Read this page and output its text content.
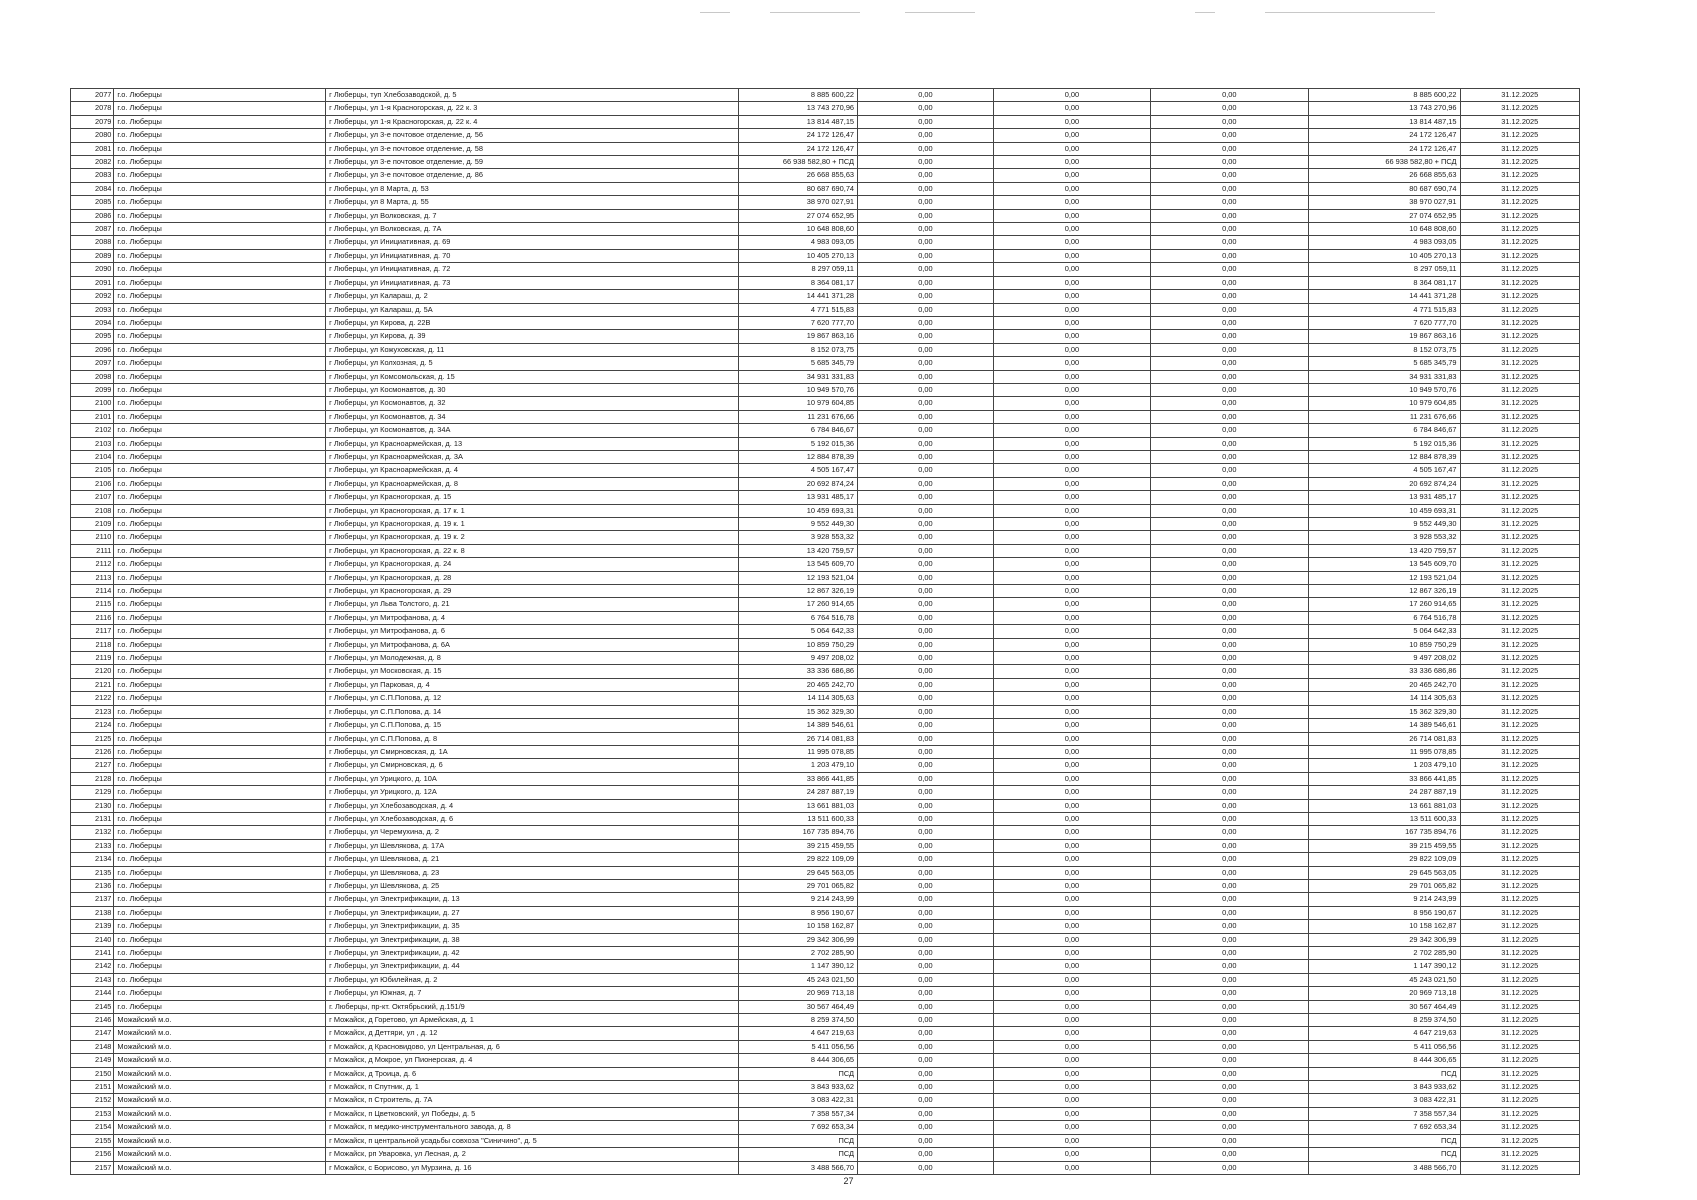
2077	г.о. Люберцы	г Люберцы, туп Хлебозаводской, д. 5	8 885 600,22	0,00	0,00	0,00	8 885 600,22	31.12.2025
2078	г.о. Люберцы	г Люберцы, ул 1-я Красногорская, д. 22 к. 3	13 743 270,96	0,00	0,00	0,00	13 743 270,96	31.12.2025
2079	г.о. Люберцы	г Люберцы, ул 1-я Красногорская, д. 22 к. 4	13 814 487,15	0,00	0,00	0,00	13 814 487,15	31.12.2025
2080	г.о. Люберцы	г Люберцы, ул 3-е почтовое отделение, д. 56	24 172 126,47	0,00	0,00	0,00	24 172 126,47	31.12.2025
2081	г.о. Люберцы	г Люберцы, ул 3-е почтовое отделение, д. 58	24 172 126,47	0,00	0,00	0,00	24 172 126,47	31.12.2025
2082	г.о. Люберцы	г Люберцы, ул 3-е почтовое отделение, д. 59	66 938 582,80 + ПСД	0,00	0,00	0,00	66 938 582,80 + ПСД	31.12.2025
2083	г.о. Люберцы	г Люберцы, ул 3-е почтовое отделение, д. 86	26 668 855,63	0,00	0,00	0,00	26 668 855,63	31.12.2025
2084	г.о. Люберцы	г Люберцы, ул 8 Марта, д. 53	80 687 690,74	0,00	0,00	0,00	80 687 690,74	31.12.2025
2085	г.о. Люберцы	г Люберцы, ул 8 Марта, д. 55	38 970 027,91	0,00	0,00	0,00	38 970 027,91	31.12.2025
2086	г.о. Люберцы	г Люберцы, ул Волковская, д. 7	27 074 652,95	0,00	0,00	0,00	27 074 652,95	31.12.2025
2087	г.о. Люберцы	г Люберцы, ул Волковская, д. 7А	10 648 808,60	0,00	0,00	0,00	10 648 808,60	31.12.2025
2088	г.о. Люберцы	г Люберцы, ул Инициативная, д. 69	4 983 093,05	0,00	0,00	0,00	4 983 093,05	31.12.2025
2089	г.о. Люберцы	г Люберцы, ул Инициативная, д. 70	10 405 270,13	0,00	0,00	0,00	10 405 270,13	31.12.2025
2090	г.о. Люберцы	г Люберцы, ул Инициативная, д. 72	8 297 059,11	0,00	0,00	0,00	8 297 059,11	31.12.2025
2091	г.о. Люберцы	г Люберцы, ул Инициативная, д. 73	8 364 081,17	0,00	0,00	0,00	8 364 081,17	31.12.2025
2092	г.о. Люберцы	г Люберцы, ул Калараш, д. 2	14 441 371,28	0,00	0,00	0,00	14 441 371,28	31.12.2025
2093	г.о. Люберцы	г Люберцы, ул Калараш, д. 5А	4 771 515,83	0,00	0,00	0,00	4 771 515,83	31.12.2025
2094	г.о. Люберцы	г Люберцы, ул Кирова, д. 22В	7 620 777,70	0,00	0,00	0,00	7 620 777,70	31.12.2025
2095	г.о. Люберцы	г Люберцы, ул Кирова, д. 39	19 867 863,16	0,00	0,00	0,00	19 867 863,16	31.12.2025
2096	г.о. Люберцы	г Люберцы, ул Кожуховская, д. 11	8 152 073,75	0,00	0,00	0,00	8 152 073,75	31.12.2025
2097	г.о. Люберцы	г Люберцы, ул Колхозная, д. 5	5 685 345,79	0,00	0,00	0,00	5 685 345,79	31.12.2025
2098	г.о. Люберцы	г Люберцы, ул Комсомольская, д. 15	34 931 331,83	0,00	0,00	0,00	34 931 331,83	31.12.2025
2099	г.о. Люберцы	г Люберцы, ул Космонавтов, д. 30	10 949 570,76	0,00	0,00	0,00	10 949 570,76	31.12.2025
2100	г.о. Люберцы	г Люберцы, ул Космонавтов, д. 32	10 979 604,85	0,00	0,00	0,00	10 979 604,85	31.12.2025
2101	г.о. Люберцы	г Люберцы, ул Космонавтов, д. 34	11 231 676,66	0,00	0,00	0,00	11 231 676,66	31.12.2025
2102	г.о. Люберцы	г Люберцы, ул Космонавтов, д. 34А	6 784 846,67	0,00	0,00	0,00	6 784 846,67	31.12.2025
2103	г.о. Люберцы	г Люберцы, ул Красноармейская, д. 13	5 192 015,36	0,00	0,00	0,00	5 192 015,36	31.12.2025
2104	г.о. Люберцы	г Люберцы, ул Красноармейская, д. 3А	12 884 878,39	0,00	0,00	0,00	12 884 878,39	31.12.2025
2105	г.о. Люберцы	г Люберцы, ул Красноармейская, д. 4	4 505 167,47	0,00	0,00	0,00	4 505 167,47	31.12.2025
2106	г.о. Люберцы	г Люберцы, ул Красноармейская, д. 8	20 692 874,24	0,00	0,00	0,00	20 692 874,24	31.12.2025
2107	г.о. Люберцы	г Люберцы, ул Красногорская, д. 15	13 931 485,17	0,00	0,00	0,00	13 931 485,17	31.12.2025
2108	г.о. Люберцы	г Люберцы, ул Красногорская, д. 17 к. 1	10 459 693,31	0,00	0,00	0,00	10 459 693,31	31.12.2025
2109	г.о. Люберцы	г Люберцы, ул Красногорская, д. 19 к. 1	9 552 449,30	0,00	0,00	0,00	9 552 449,30	31.12.2025
2110	г.о. Люберцы	г Люберцы, ул Красногорская, д. 19 к. 2	3 928 553,32	0,00	0,00	0,00	3 928 553,32	31.12.2025
2111	г.о. Люберцы	г Люберцы, ул Красногорская, д. 22 к. 8	13 420 759,57	0,00	0,00	0,00	13 420 759,57	31.12.2025
2112	г.о. Люберцы	г Люберцы, ул Красногорская, д. 24	13 545 609,70	0,00	0,00	0,00	13 545 609,70	31.12.2025
2113	г.о. Люберцы	г Люберцы, ул Красногорская, д. 28	12 193 521,04	0,00	0,00	0,00	12 193 521,04	31.12.2025
2114	г.о. Люберцы	г Люберцы, ул Красногорская, д. 29	12 867 326,19	0,00	0,00	0,00	12 867 326,19	31.12.2025
2115	г.о. Люберцы	г Люберцы, ул Льва Толстого, д. 21	17 260 914,65	0,00	0,00	0,00	17 260 914,65	31.12.2025
2116	г.о. Люберцы	г Люберцы, ул Митрофанова, д. 4	6 764 516,78	0,00	0,00	0,00	6 764 516,78	31.12.2025
2117	г.о. Люберцы	г Люберцы, ул Митрофанова, д. 6	5 064 642,33	0,00	0,00	0,00	5 064 642,33	31.12.2025
2118	г.о. Люберцы	г Люберцы, ул Митрофанова, д. 6А	10 859 750,29	0,00	0,00	0,00	10 859 750,29	31.12.2025
2119	г.о. Люберцы	г Люберцы, ул Молодежная, д. 8	9 497 208,02	0,00	0,00	0,00	9 497 208,02	31.12.2025
2120	г.о. Люберцы	г Люберцы, ул Московская, д. 15	33 336 686,86	0,00	0,00	0,00	33 336 686,86	31.12.2025
2121	г.о. Люберцы	г Люберцы, ул Парковая, д. 4	20 465 242,70	0,00	0,00	0,00	20 465 242,70	31.12.2025
2122	г.о. Люберцы	г Люберцы, ул С.П.Попова, д. 12	14 114 305,63	0,00	0,00	0,00	14 114 305,63	31.12.2025
2123	г.о. Люберцы	г Люберцы, ул С.П.Попова, д. 14	15 362 329,30	0,00	0,00	0,00	15 362 329,30	31.12.2025
2124	г.о. Люберцы	г Люберцы, ул С.П.Попова, д. 15	14 389 546,61	0,00	0,00	0,00	14 389 546,61	31.12.2025
2125	г.о. Люберцы	г Люберцы, ул С.П.Попова, д. 8	26 714 081,83	0,00	0,00	0,00	26 714 081,83	31.12.2025
2126	г.о. Люберцы	г Люберцы, ул Смирновская, д. 1А	11 995 078,85	0,00	0,00	0,00	11 995 078,85	31.12.2025
2127	г.о. Люберцы	г Люберцы, ул Смирновская, д. 6	1 203 479,10	0,00	0,00	0,00	1 203 479,10	31.12.2025
2128	г.о. Люберцы	г Люберцы, ул Урицкого, д. 10А	33 866 441,85	0,00	0,00	0,00	33 866 441,85	31.12.2025
2129	г.о. Люберцы	г Люберцы, ул Урицкого, д. 12А	24 287 887,19	0,00	0,00	0,00	24 287 887,19	31.12.2025
2130	г.о. Люберцы	г Люберцы, ул Хлебозаводская, д. 4	13 661 881,03	0,00	0,00	0,00	13 661 881,03	31.12.2025
2131	г.о. Люберцы	г Люберцы, ул Хлебозаводская, д. 6	13 511 600,33	0,00	0,00	0,00	13 511 600,33	31.12.2025
2132	г.о. Люберцы	г Люберцы, ул Черемухина, д. 2	167 735 894,76	0,00	0,00	0,00	167 735 894,76	31.12.2025
2133	г.о. Люберцы	г Люберцы, ул Шевлякова, д. 17А	39 215 459,55	0,00	0,00	0,00	39 215 459,55	31.12.2025
2134	г.о. Люберцы	г Люберцы, ул Шевлякова, д. 21	29 822 109,09	0,00	0,00	0,00	29 822 109,09	31.12.2025
2135	г.о. Люберцы	г Люберцы, ул Шевлякова, д. 23	29 645 563,05	0,00	0,00	0,00	29 645 563,05	31.12.2025
2136	г.о. Люберцы	г Люберцы, ул Шевлякова, д. 25	29 701 065,82	0,00	0,00	0,00	29 701 065,82	31.12.2025
2137	г.о. Люберцы	г Люберцы, ул Электрификации, д. 13	9 214 243,99	0,00	0,00	0,00	9 214 243,99	31.12.2025
2138	г.о. Люберцы	г Люберцы, ул Электрификации, д. 27	8 956 190,67	0,00	0,00	0,00	8 956 190,67	31.12.2025
2139	г.о. Люберцы	г Люберцы, ул Электрификации, д. 35	10 158 162,87	0,00	0,00	0,00	10 158 162,87	31.12.2025
2140	г.о. Люберцы	г Люберцы, ул Электрификации, д. 38	29 342 306,99	0,00	0,00	0,00	29 342 306,99	31.12.2025
2141	г.о. Люберцы	г Люберцы, ул Электрификации, д. 42	2 702 285,90	0,00	0,00	0,00	2 702 285,90	31.12.2025
2142	г.о. Люберцы	г Люберцы, ул Электрификации, д. 44	1 147 390,12	0,00	0,00	0,00	1 147 390,12	31.12.2025
2143	г.о. Люберцы	г Люберцы, ул Юбилейная, д. 2	45 243 021,50	0,00	0,00	0,00	45 243 021,50	31.12.2025
2144	г.о. Люберцы	г Люберцы, ул Южная, д. 7	20 969 713,18	0,00	0,00	0,00	20 969 713,18	31.12.2025
2145	г.о. Люберцы	г. Люберцы, пр-кт. Октябрьский, д.151/9	30 567 464,49	0,00	0,00	0,00	30 567 464,49	31.12.2025
2146	Можайский м.о.	г Можайск, д Горетово, ул Армейская, д. 1	8 259 374,50	0,00	0,00	0,00	8 259 374,50	31.12.2025
2147	Можайский м.о.	г Можайск, д Деттяри, ул , д. 12	4 647 219,63	0,00	0,00	0,00	4 647 219,63	31.12.2025
2148	Можайский м.о.	г Можайск, д Красновидово, ул Центральная, д. 6	5 411 056,56	0,00	0,00	0,00	5 411 056,56	31.12.2025
2149	Можайский м.о.	г Можайск, д Мокрое, ул Пионерская, д. 4	8 444 306,65	0,00	0,00	0,00	8 444 306,65	31.12.2025
2150	Можайский м.о.	г Можайск, д Троица, д. 6	ПСД	0,00	0,00	0,00	ПСД	31.12.2025
2151	Можайский м.о.	г Можайск, п Спутник, д. 1	3 843 933,62	0,00	0,00	0,00	3 843 933,62	31.12.2025
2152	Можайский м.о.	г Можайск, п Строитель, д. 7А	3 083 422,31	0,00	0,00	0,00	3 083 422,31	31.12.2025
2153	Можайский м.о.	г Можайск, п Цветковский, ул Победы, д. 5	7 358 557,34	0,00	0,00	0,00	7 358 557,34	31.12.2025
2154	Можайский м.о.	г Можайск, п медико-инструментального завода, д. 8	7 692 653,34	0,00	0,00	0,00	7 692 653,34	31.12.2025
2155	Можайский м.о.	г Можайск, п центральной усадьбы совхоза "Синичино", д. 5	ПСД	0,00	0,00	0,00	ПСД	31.12.2025
2156	Можайский м.о.	г Можайск, рп Уваровка, ул Лесная, д. 2	ПСД	0,00	0,00	0,00	ПСД	31.12.2025
2157	Можайский м.о.	г Можайск, с Борисово, ул Мурзина, д. 16	3 488 566,70	0,00	0,00	0,00	3 488 566,70	31.12.2025
27
